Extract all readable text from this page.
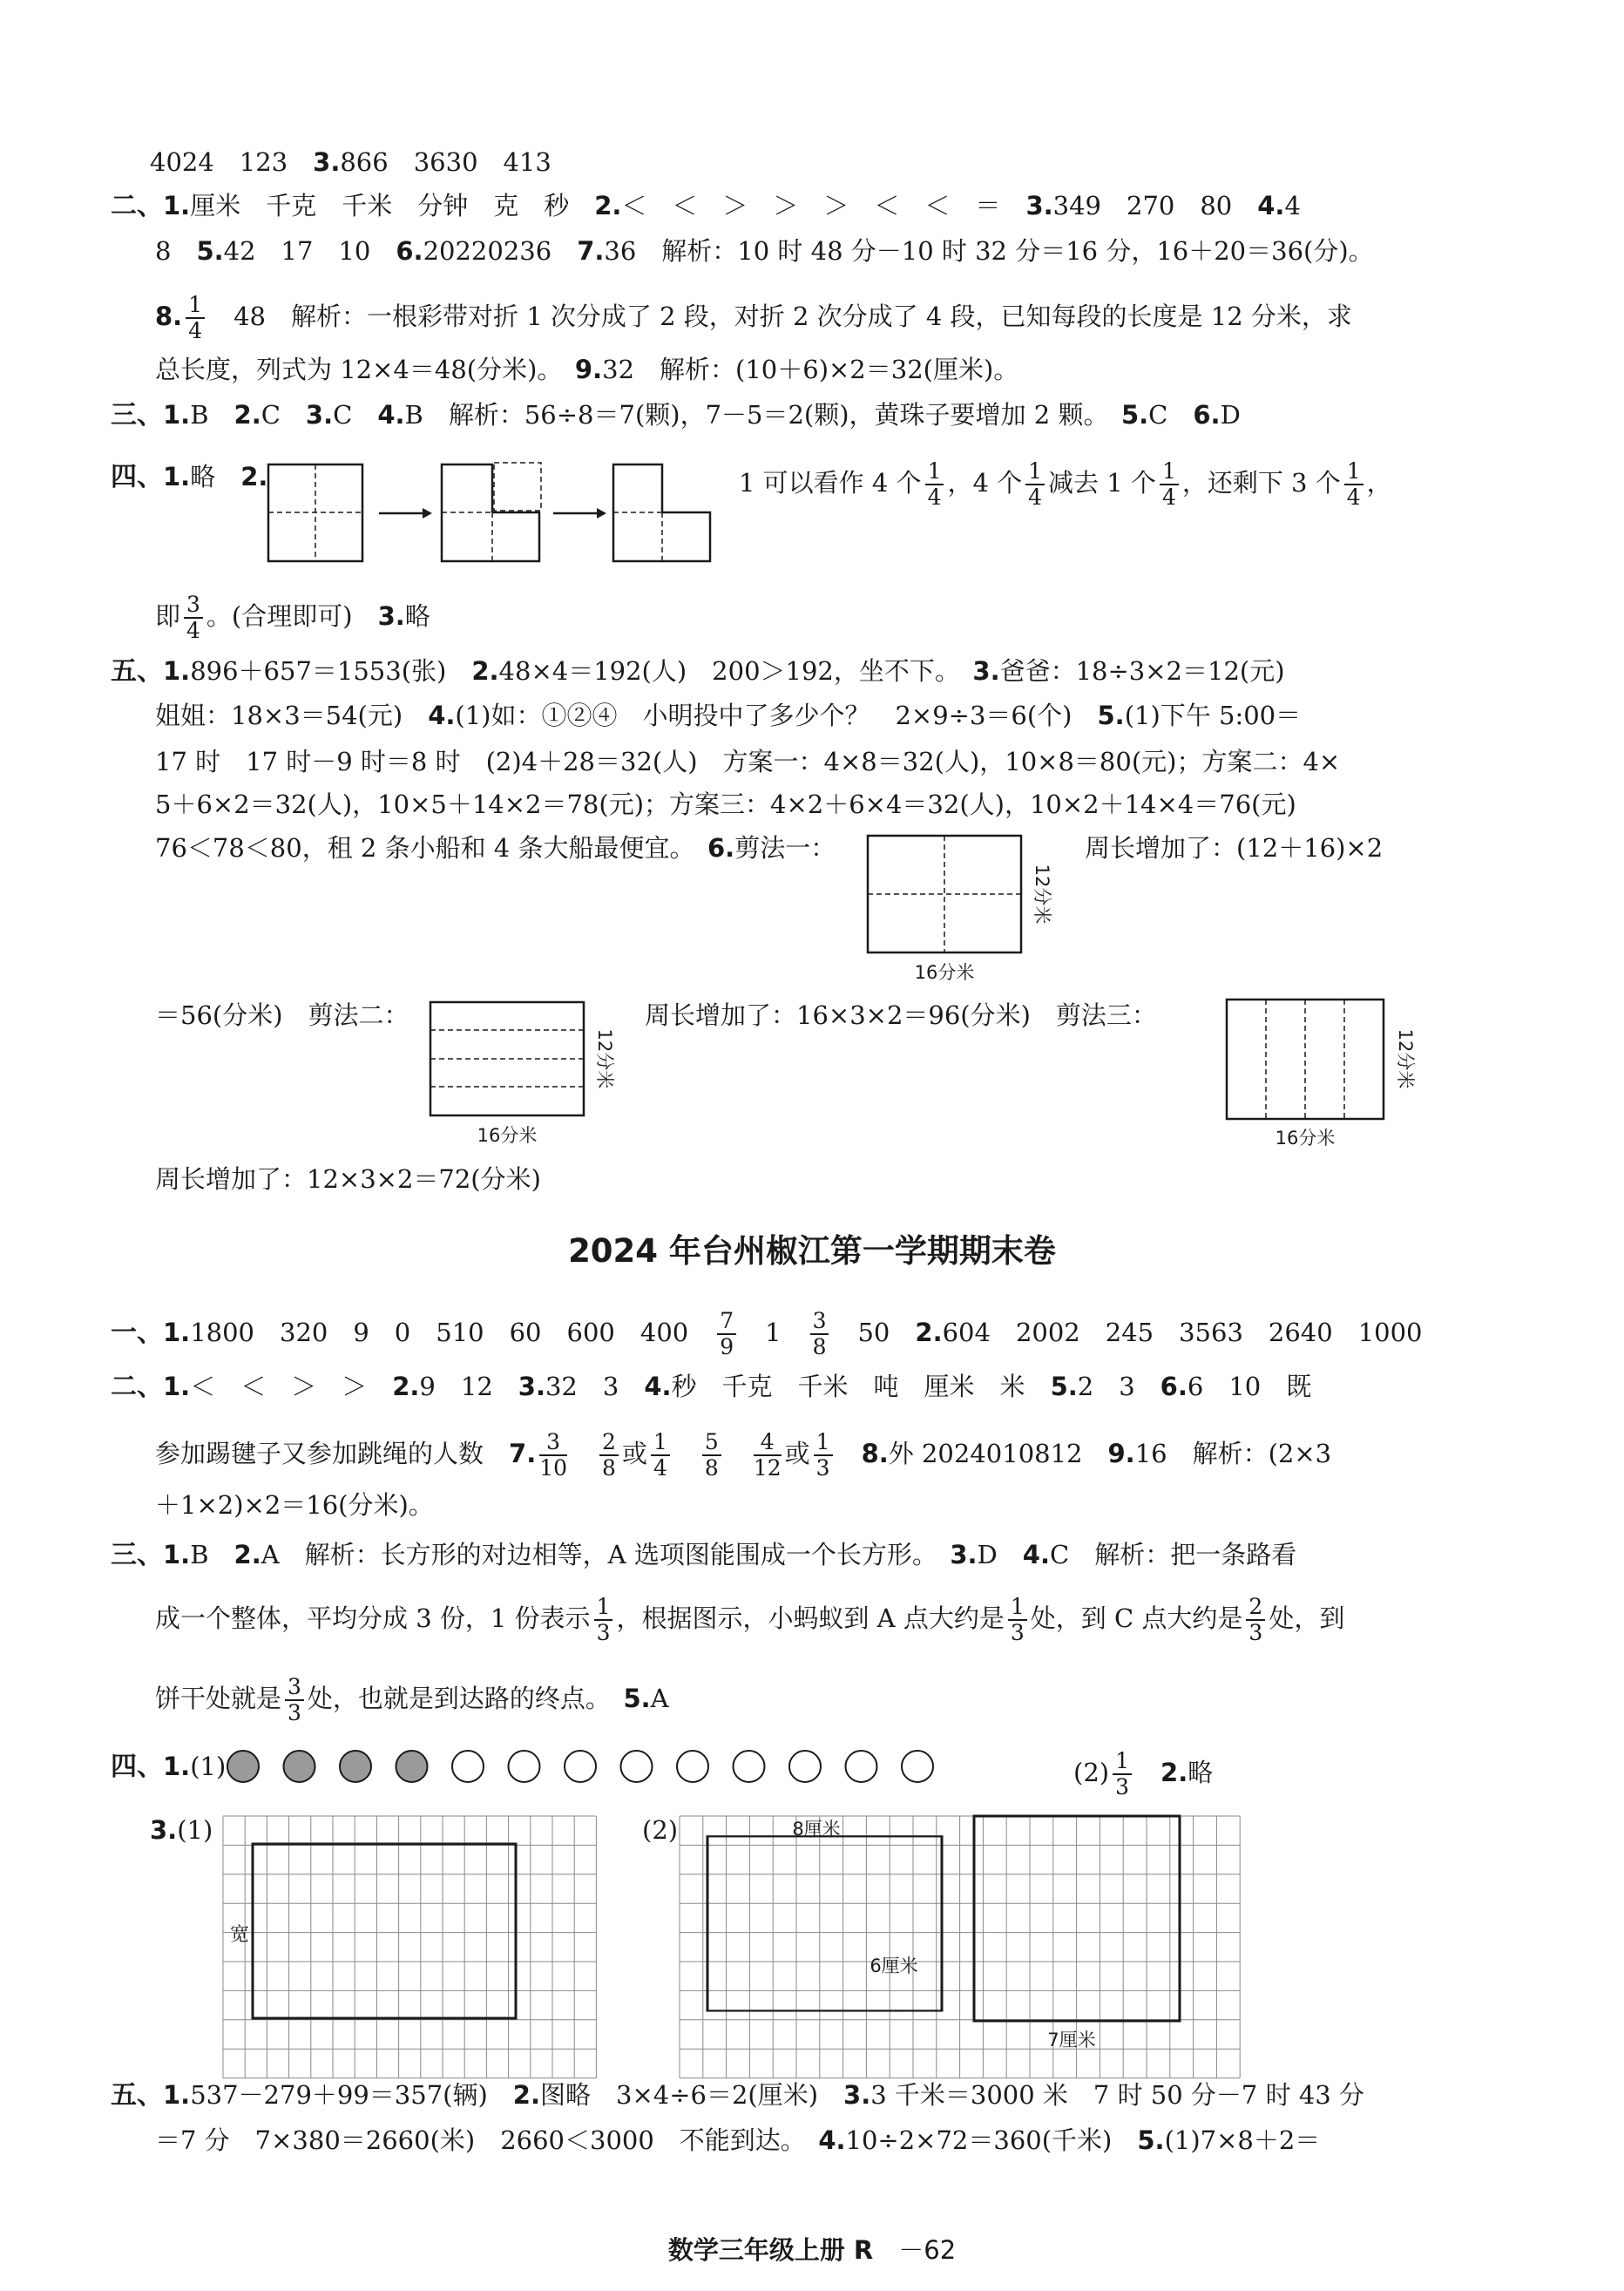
4024　123　3.866　3630　413
二、1.厘米　千克　千米　分钟　克　秒　2.＜　＜　＞　＞　＞　＜　＜　＝　3.349　270　80　4.4
8　5.42　17　10　6.20220236　7.36　解析：10 时 48 分－10 时 32 分＝16 分，16＋20＝36(分)。
8. $\frac{1}{4}$ 　48　解析：一根彩带对折 1 次分成了 2 段，对折 2 次分成了 4 段，已知每段的长度是 12 分米，求
总长度，列式为 12×4＝48(分米)。　 9.32　解析：(10＋6)×2＝32(厘米)。
三、1.B　2.C　3.C　4.B　解析：56÷8＝7(颗)，7－5＝2(颗)，黄珠子要增加 2 颗。　 5.C　6.D
四、1.略　2.	1 可以看作 4 个 $\frac{1}{4}$ ，4 个 $\frac{1}{4}$ 减去 1 个 $\frac{1}{4}$ ，还剩下 3 个 $\frac{1}{4}$ ，
即 $\frac{3}{4}$ 。(合理即可)　3.略
五、1.896＋657＝1553(张)　2.48×4＝192(人)　200＞192，坐不下。　3.爸爸：18÷3×2＝12(元)
姐姐：18×3＝54(元)　4.(1)如：①②④　小明投中了多少个？　2×9÷3＝6(个)　5.(1)下午 5:00＝
17 时　17 时－9 时＝8 时　(2)4＋28＝32(人)　方案一：4×8＝32(人)，10×8＝80(元)；方案二：4×
5＋6×2＝32(人)，10×5＋14×2＝78(元)；方案三：4×2＋6×4＝32(人)，10×2＋14×4＝76(元)
76＜78＜80，租 2 条小船和 4 条大船最便宜。　6.剪法一：	周长增加了：(12＋16)×2
16分米
12分米
＝56(分米)　剪法二：
16分米
12分米
周长增加了：16×3×2＝96(分米)　剪法三：
16分米
12分米
周长增加了：12×3×2＝72(分米)
2024 年台州椒江第一学期期末卷
一、1.1800　320　9　0　510　60　600　400　 $\frac{7}{9}$ 　1　 $\frac{3}{8}$ 　50　2.604　2002　245　3563　2640　1000
二、1.＜　＜　＞　＞　2.9　12　3.32　3　4.秒　千克　千米　吨　厘米　米　5.2　3　6.6　10　既
参加踢毽子又参加跳绳的人数　7. $\frac{3}{10}$
　 $\frac{2}{8}$ 或 $\frac{1}{4}$
　 $\frac{5}{8}$
　 $\frac{4}{12}$ 或 $\frac{1}{3}$
　 8.外 2024010812　9.16　解析：(2×3
＋1×2)×2＝16(分米)。
三、1.B　2.A　解析：长方形的对边相等，A 选项图能围成一个长方形。　3.D　4.C　解析：把一条路看
成一个整体，平均分成 3 份，1 份表示 $\frac{1}{3}$ ，根据图示，小蚂蚁到 A 点大约是 $\frac{1}{3}$ 处，到 C 点大约是 $\frac{2}{3}$ 处，到
饼干处就是 $\frac{3}{3}$ 处，也就是到达路的终点。　5.A
四、1.(1)	$(2) \frac{1}{3}$
　 2.略
3.(1)	(2)
宽
8厘米
6厘米
7厘米
五、1.537－279＋99＝357(辆)　2.图略　3×4÷6＝2(厘米)　3.3 千米＝3000 米　7 时 50 分－7 时 43 分
＝7 分　7×380＝2660(米)　2660＜3000　不能到达。　4.10÷2×72＝360(千米)　5.(1)7×8＋2＝
数学三年级上册 R　 －62
